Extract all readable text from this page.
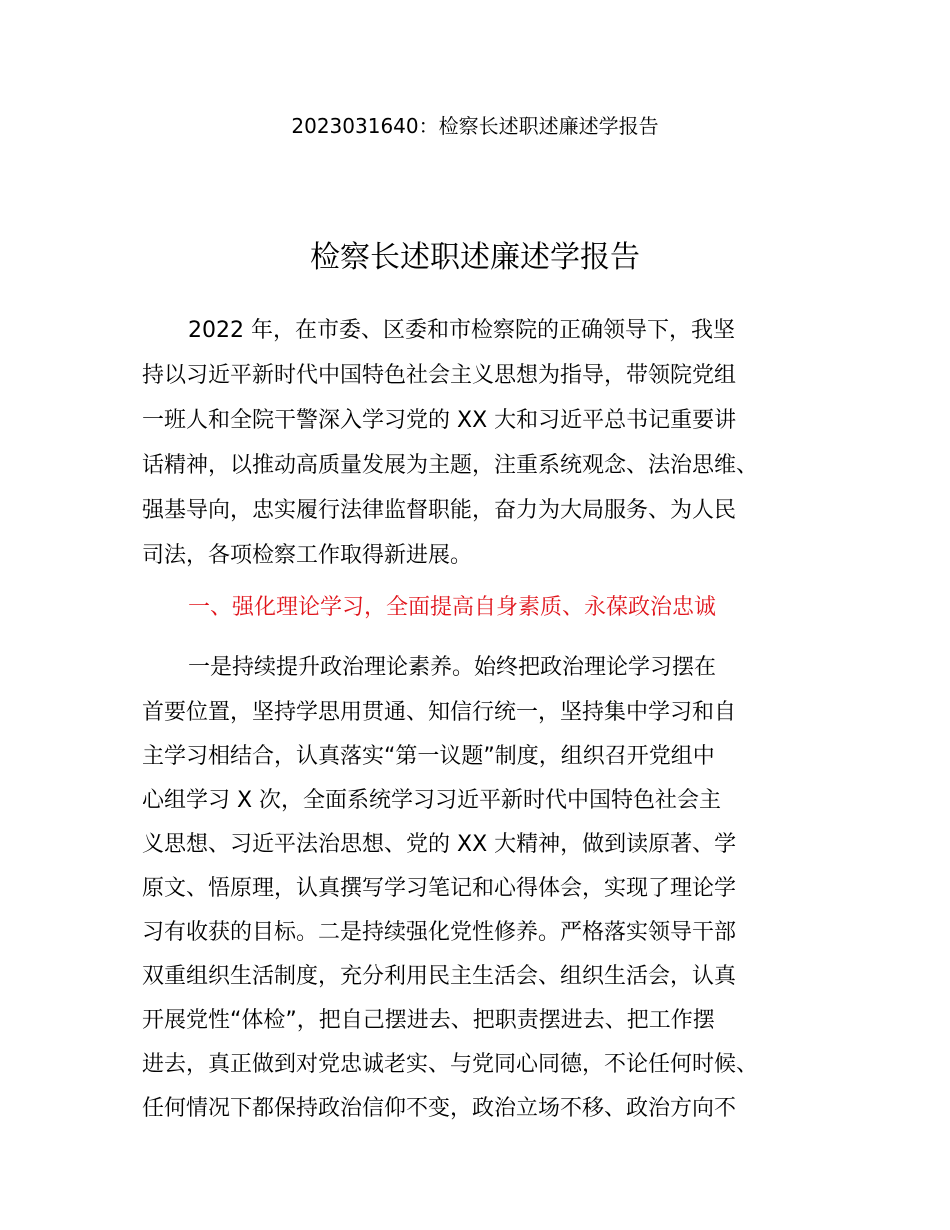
2023031640：检察长述职述廉述学报告
检察长述职述廉述学报告
2022 年，在市委、区委和市检察院的正确领导下，我坚
持以习近平新时代中国特色社会主义思想为指导，带领院党组
一班人和全院干警深入学习党的 XX 大和习近平总书记重要讲
话精神，以推动高质量发展为主题，注重系统观念、法治思维、
强基导向，忠实履行法律监督职能，奋力为大局服务、为人民
司法，各项检察工作取得新进展。
一、强化理论学习，全面提高自身素质、永葆政治忠诚
一是持续提升政治理论素养。始终把政治理论学习摆在
首要位置，坚持学思用贯通、知信行统一，坚持集中学习和自
主学习相结合，认真落实“第一议题”制度，组织召开党组中
心组学习 X 次，全面系统学习习近平新时代中国特色社会主
义思想、习近平法治思想、党的 XX 大精神，做到读原著、学
原文、悟原理，认真撰写学习笔记和心得体会，实现了理论学
习有收获的目标。二是持续强化党性修养。严格落实领导干部
双重组织生活制度，充分利用民主生活会、组织生活会，认真
开展党性“体检”，把自己摆进去、把职责摆进去、把工作摆
进去，真正做到对党忠诚老实、与党同心同德，不论任何时候、
任何情况下都保持政治信仰不变，政治立场不移、政治方向不
